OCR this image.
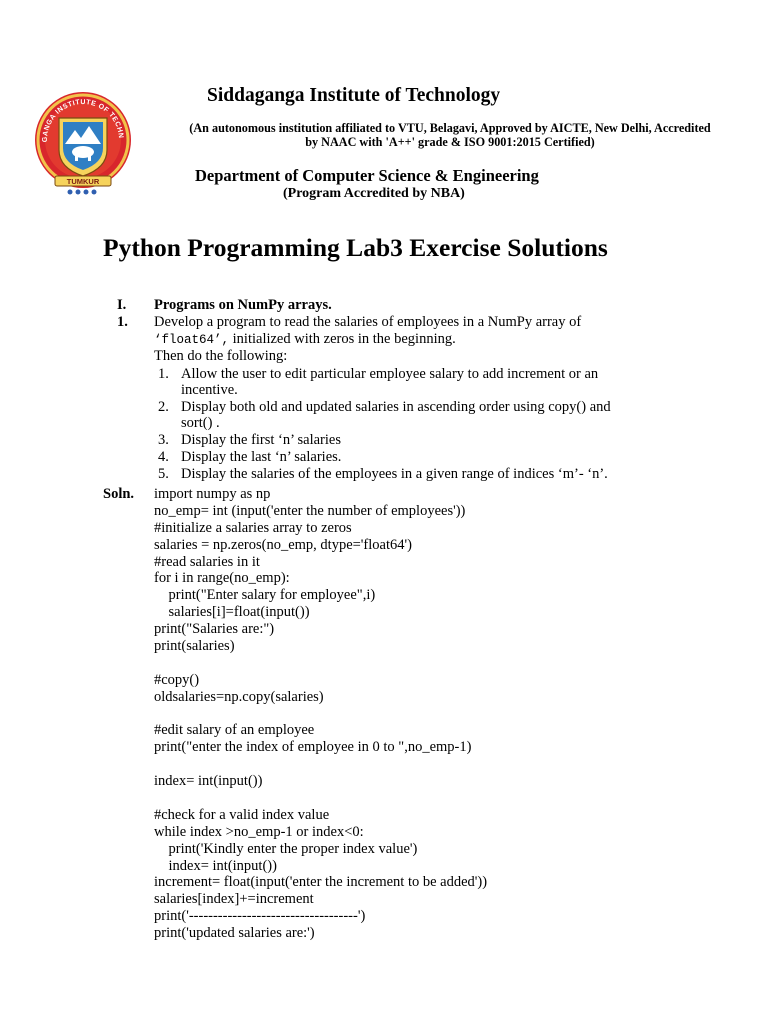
GANGA INSTITUTE OF TECHN
TUMKUR
Siddaganga Institute of Technology
(An autonomous institution affiliated to VTU, Belagavi, Approved by AICTE, New Delhi, Accredited
by NAAC with 'A++' grade & ISO 9001:2015 Certified)
Department of Computer Science & Engineering
(Program Accredited by NBA)
Python Programming Lab3 Exercise Solutions
I. Programs on NumPy arrays.
1. Develop a program to read the salaries of employees in a NumPy array of
‘float64’, initialized with zeros in the beginning.
Then do the following:
1. Allow the user to edit particular employee salary to add increment or an
incentive.
2. Display both old and updated salaries in ascending order using copy() and
sort() .
3. Display the first ‘n’ salaries
4. Display the last ‘n’ salaries.
5. Display the salaries of the employees in a given range of indices ‘m’- ‘n’.
Soln. import numpy as np
no_emp= int (input('enter the number of employees'))
#initialize a salaries array to zeros
salaries = np.zeros(no_emp, dtype='float64')
#read salaries in it
for i in range(no_emp):
print("Enter salary for employee",i)
salaries[i]=float(input())
print("Salaries are:")
print(salaries)
#copy()
oldsalaries=np.copy(salaries)
#edit salary of an employee
print("enter the index of employee in 0 to ",no_emp-1)
index= int(input())
#check for a valid index value
while index >no_emp-1 or index<0:
print('Kindly enter the proper index value')
index= int(input())
increment= float(input('enter the increment to be added'))
salaries[index]+=increment
print('-----------------------------------')
print('updated salaries are:')
